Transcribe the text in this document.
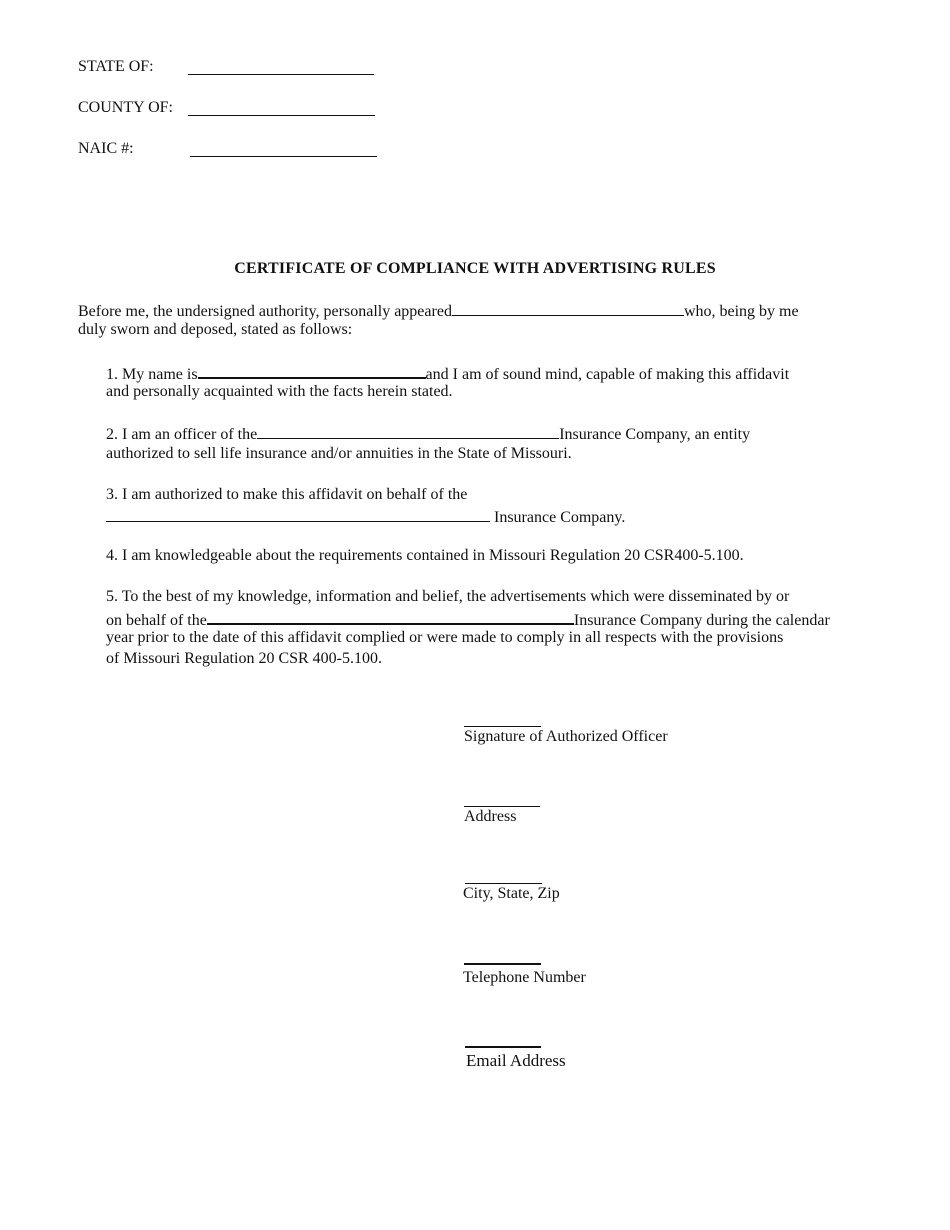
STATE OF:
COUNTY OF:
NAIC #:
CERTIFICATE OF COMPLIANCE WITH ADVERTISING RULES
Before me, the undersigned authority, personally appeared	who, being by me
duly sworn and deposed, stated as follows:
1. My name is	and I am of sound mind, capable of making this affidavit
and personally acquainted with the facts herein stated.
2. I am an officer of the	Insurance Company, an entity
authorized to sell life insurance and/or annuities in the State of Missouri.
3. I am authorized to make this affidavit on behalf of the
Insurance Company.
4. I am knowledgeable about the requirements contained in Missouri Regulation 20 CSR400-5.100.
5. To the best of my knowledge, information and belief, the advertisements which were disseminated by or
on behalf of the	Insurance Company during the calendar
year prior to the date of this affidavit complied or were made to comply in all respects with the provisions
of Missouri Regulation 20 CSR 400-5.100.
Signature of Authorized Officer
Address
City, State, Zip
Telephone Number
Email Address
